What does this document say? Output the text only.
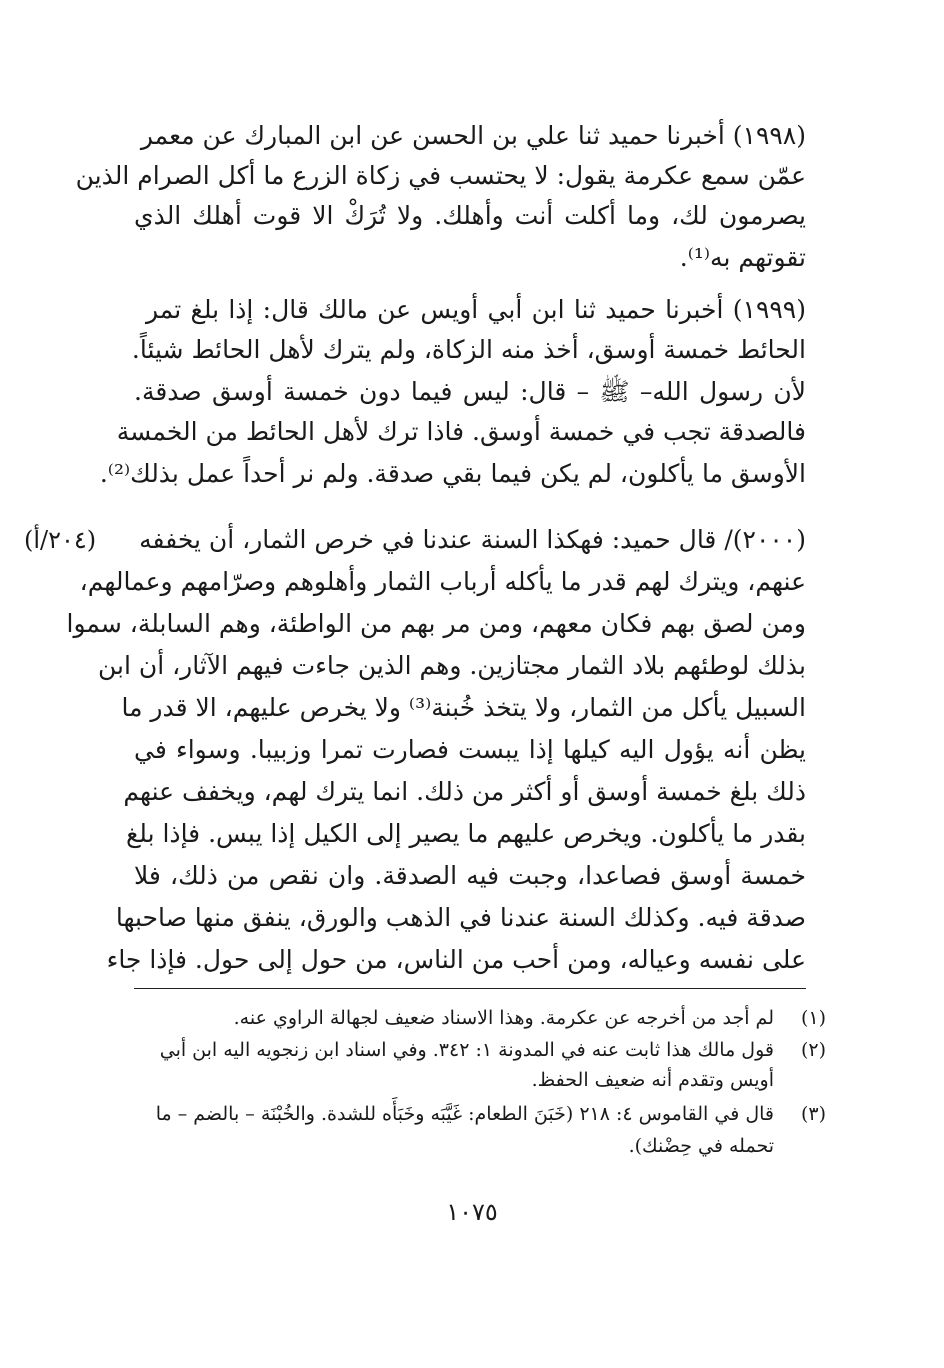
(١٩٩٨) أخبرنا حميد ثنا علي بن الحسن عن ابن المبارك عن معمر
عمّن سمع عكرمة يقول: لا يحتسب في زكاة الزرع ما أكل الصرام الذين
يصرمون لك، وما أكلت أنت وأهلك. ولا تُرَكْ الا قوت أهلك الذي
تقوتهم به⁽¹⁾.
(١٩٩٩) أخبرنا حميد ثنا ابن أبي أويس عن مالك قال: إذا بلغ تمر
الحائط خمسة أوسق، أخذ منه الزكاة، ولم يترك لأهل الحائط شيئاً.
لأن رسول الله– ﷺ – قال: ليس فيما دون خمسة أوسق صدقة.
فالصدقة تجب في خمسة أوسق. فاذا ترك لأهل الحائط من الخمسة
الأوسق ما يأكلون، لم يكن فيما بقي صدقة. ولم نر أحداً عمل بذلك⁽²⁾.
(٢٠٤/أ) (٢٠٠٠)/ قال حميد: فهكذا السنة عندنا في خرص الثمار، أن يخففه
عنهم، ويترك لهم قدر ما يأكله أرباب الثمار وأهلوهم وصرّامهم وعمالهم،
ومن لصق بهم فكان معهم، ومن مر بهم من الواطئة، وهم السابلة، سموا
بذلك لوطئهم بلاد الثمار مجتازين. وهم الذين جاءت فيهم الآثار، أن ابن
السبيل يأكل من الثمار، ولا يتخذ خُبنة⁽³⁾ ولا يخرص عليهم، الا قدر ما
يظن أنه يؤول اليه كيلها إذا يبست فصارت تمرا وزبيبا. وسواء في
ذلك بلغ خمسة أوسق أو أكثر من ذلك. انما يترك لهم، ويخفف عنهم
بقدر ما يأكلون. ويخرص عليهم ما يصير إلى الكيل إذا يبس. فإذا بلغ
خمسة أوسق فصاعدا، وجبت فيه الصدقة. وان نقص من ذلك، فلا
صدقة فيه. وكذلك السنة عندنا في الذهب والورق، ينفق منها صاحبها
على نفسه وعياله، ومن أحب من الناس، من حول إلى حول. فإذا جاء
(١)
لم أجد من أخرجه عن عكرمة. وهذا الاسناد ضعيف لجهالة الراوي عنه.
(٢)
قول مالك هذا ثابت عنه في المدونة ١: ٣٤٢. وفي اسناد ابن زنجويه اليه ابن أبي
أويس وتقدم أنه ضعيف الحفظ.
(٣)
قال في القاموس ٤: ٢١٨ (خَبَنَ الطعام: غَيَّبَه وخَبَأَه للشدة. والخُبْنَة – بالضم – ما
تحمله في حِضْنك).
١٠٧٥
